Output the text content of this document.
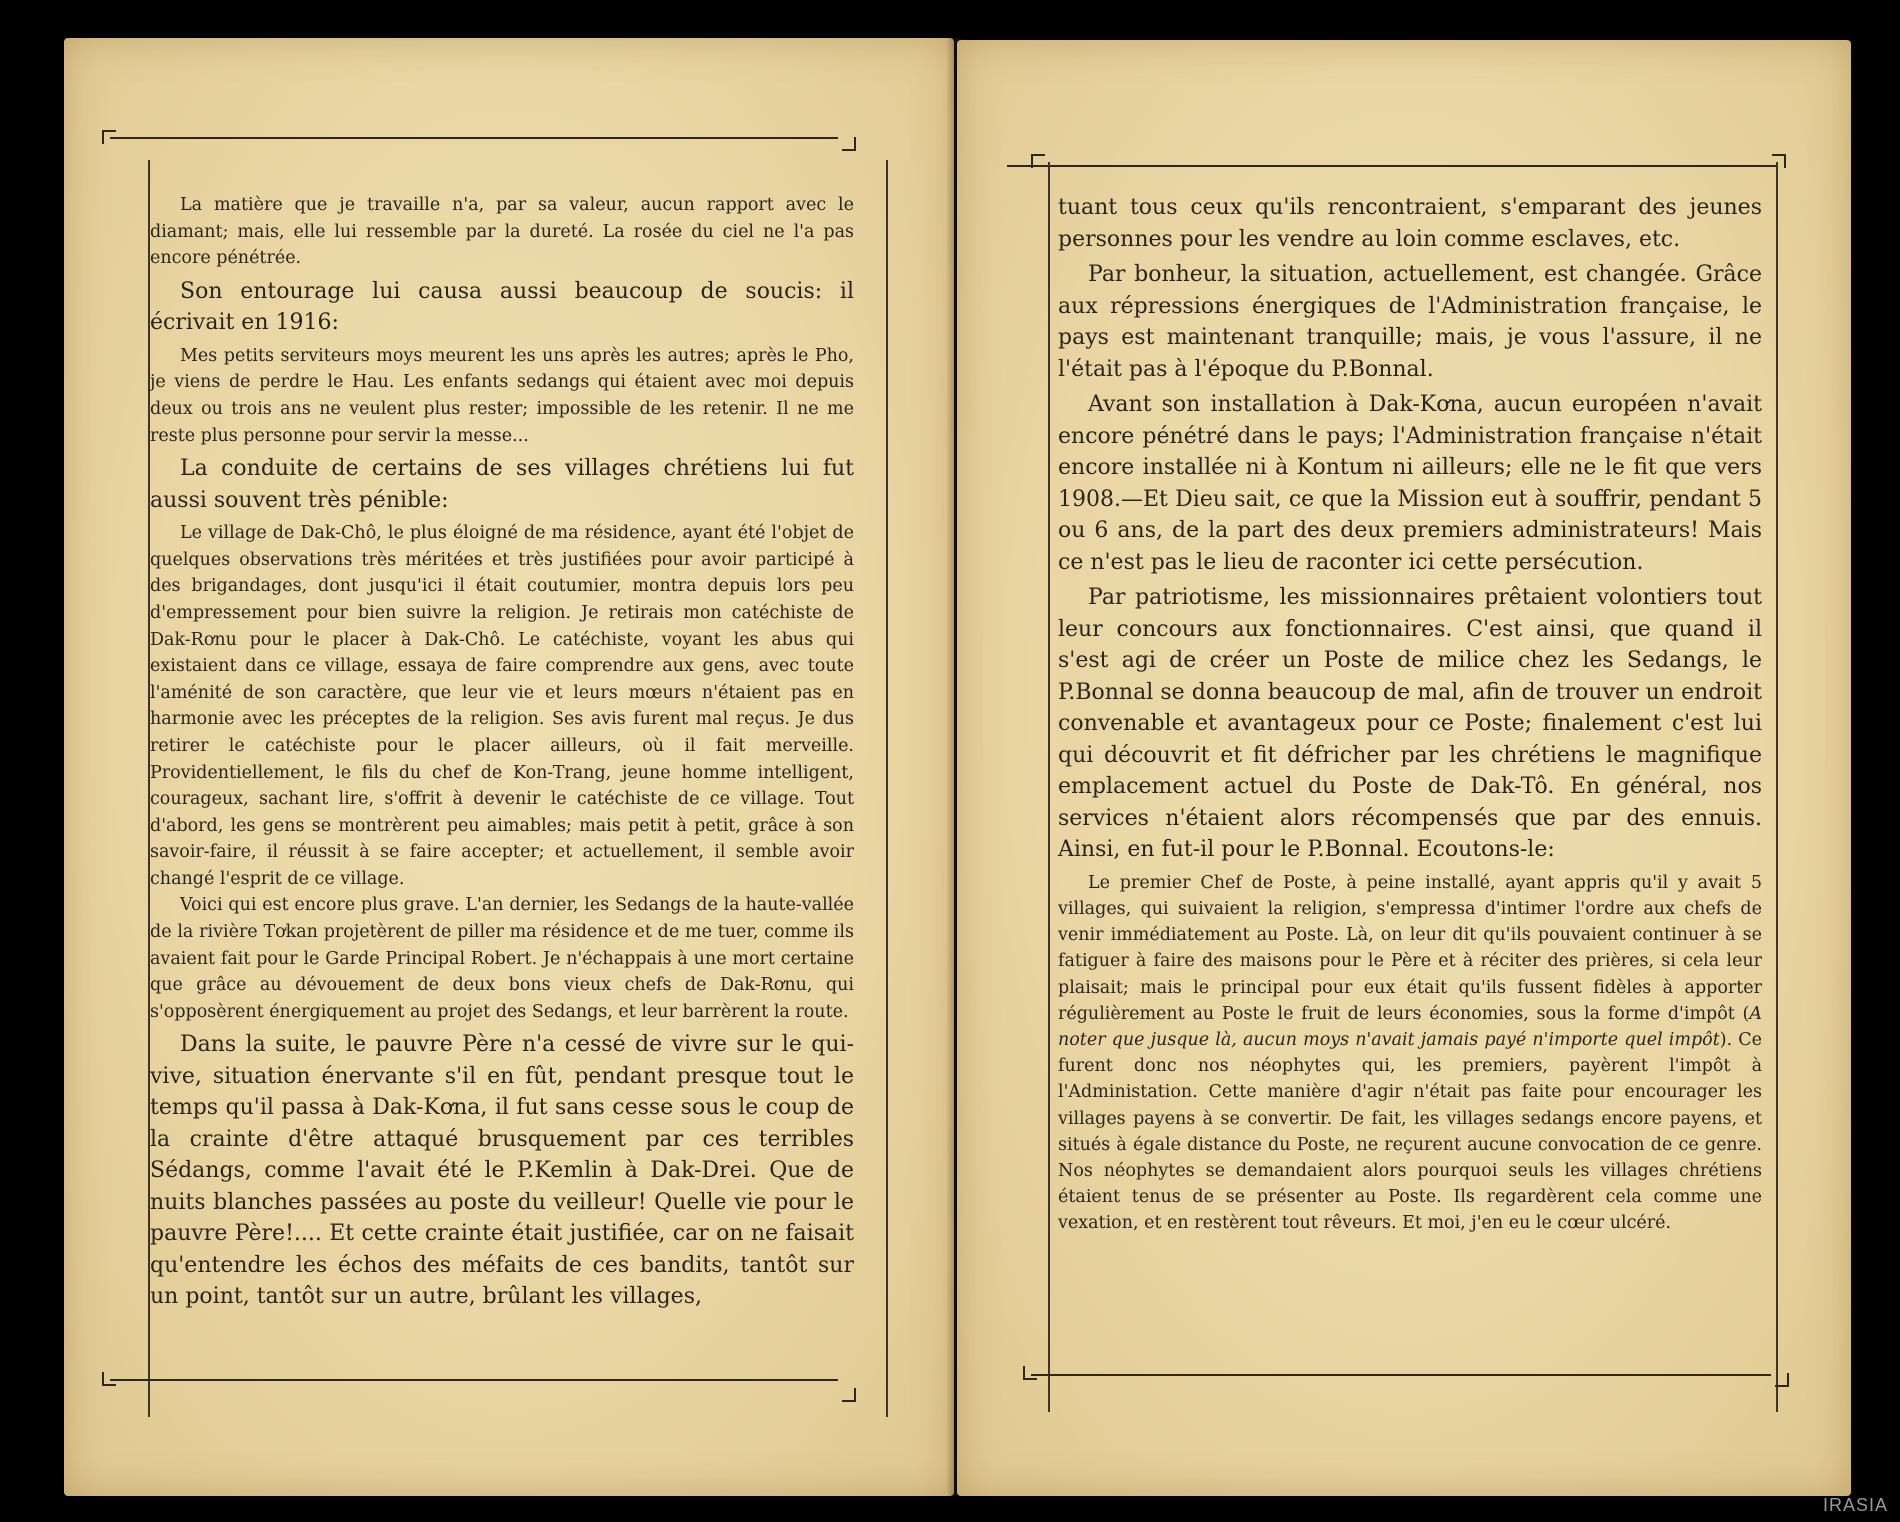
La matière que je travaille n'a, par sa valeur, aucun rapport avec le diamant; mais, elle lui ressemble par la dureté. La rosée du ciel ne l'a pas encore pénétrée.

Son entourage lui causa aussi beaucoup de soucis: il écrivait en 1916:

Mes petits serviteurs moys meurent les uns après les autres; après le Pho, je viens de perdre le Hau. Les enfants sedangs qui étaient avec moi depuis deux ou trois ans ne veulent plus rester; impossible de les retenir. Il ne me reste plus personne pour servir la messe...

La conduite de certains de ses villages chrétiens lui fut aussi souvent très pénible:

Le village de Dak-Chô, le plus éloigné de ma résidence, ayant été l'objet de quelques observations très méritées et très justifiées pour avoir participé à des brigandages, dont jusqu'ici il était coutumier, montra depuis lors peu d'empressement pour bien suivre la religion. Je retirais mon catéchiste de Dak-Rơnu pour le placer à Dak-Chô. Le catéchiste, voyant les abus qui existaient dans ce village, essaya de faire comprendre aux gens, avec toute l'aménité de son caractère, que leur vie et leurs mœurs n'étaient pas en harmonie avec les préceptes de la religion. Ses avis furent mal reçus. Je dus retirer le catéchiste pour le placer ailleurs, où il fait merveille. Providentiellement, le fils du chef de Kon-Trang, jeune homme intelligent, courageux, sachant lire, s'offrit à devenir le catéchiste de ce village. Tout d'abord, les gens se montrèrent peu aimables; mais petit à petit, grâce à son savoir-faire, il réussit à se faire accepter; et actuellement, il semble avoir changé l'esprit de ce village.

Voici qui est encore plus grave. L'an dernier, les Sedangs de la haute-vallée de la rivière Tơkan projetèrent de piller ma résidence et de me tuer, comme ils avaient fait pour le Garde Principal Robert. Je n'échappais à une mort certaine que grâce au dévouement de deux bons vieux chefs de Dak-Rơnu, qui s'opposèrent énergiquement au projet des Sedangs, et leur barrèrent la route.

Dans la suite, le pauvre Père n'a cessé de vivre sur le qui-vive, situation énervante s'il en fût, pendant presque tout le temps qu'il passa à Dak-Kơna, il fut sans cesse sous le coup de la crainte d'être attaqué brusquement par ces terribles Sédangs, comme l'avait été le P.Kemlin à Dak-Drei. Que de nuits blanches passées au poste du veilleur! Quelle vie pour le pauvre Père!.... Et cette crainte était justifiée, car on ne faisait qu'entendre les échos des méfaits de ces bandits, tantôt sur un point, tantôt sur un autre, brûlant les villages,

tuant tous ceux qu'ils rencontraient, s'emparant des jeunes personnes pour les vendre au loin comme esclaves, etc.

Par bonheur, la situation, actuellement, est changée. Grâce aux répressions énergiques de l'Administration française, le pays est maintenant tranquille; mais, je vous l'assure, il ne l'était pas à l'époque du P.Bonnal.

Avant son installation à Dak-Kơna, aucun européen n'avait encore pénétré dans le pays; l'Administration française n'était encore installée ni à Kontum ni ailleurs; elle ne le fit que vers 1908.—Et Dieu sait, ce que la Mission eut à souffrir, pendant 5 ou 6 ans, de la part des deux premiers administrateurs! Mais ce n'est pas le lieu de raconter ici cette persécution.

Par patriotisme, les missionnaires prêtaient volontiers tout leur concours aux fonctionnaires. C'est ainsi, que quand il s'est agi de créer un Poste de milice chez les Sedangs, le P.Bonnal se donna beaucoup de mal, afin de trouver un endroit convenable et avantageux pour ce Poste; finalement c'est lui qui découvrit et fit défricher par les chrétiens le magnifique emplacement actuel du Poste de Dak-Tô. En général, nos services n'étaient alors récompensés que par des ennuis. Ainsi, en fut-il pour le P.Bonnal. Ecoutons-le:

Le premier Chef de Poste, à peine installé, ayant appris qu'il y avait 5 villages, qui suivaient la religion, s'empressa d'intimer l'ordre aux chefs de venir immédiatement au Poste. Là, on leur dit qu'ils pouvaient continuer à se fatiguer à faire des maisons pour le Père et à réciter des prières, si cela leur plaisait; mais le principal pour eux était qu'ils fussent fidèles à apporter régulièrement au Poste le fruit de leurs économies, sous la forme d'impôt (A noter que jusque là, aucun moys n'avait jamais payé n'importe quel impôt). Ce furent donc nos néophytes qui, les premiers, payèrent l'impôt à l'Administation. Cette manière d'agir n'était pas faite pour encourager les villages payens à se convertir. De fait, les villages sedangs encore payens, et situés à égale distance du Poste, ne reçurent aucune convocation de ce genre. Nos néophytes se demandaient alors pourquoi seuls les villages chrétiens étaient tenus de se présenter au Poste. Ils regardèrent cela comme une vexation, et en restèrent tout rêveurs. Et moi, j'en eu le cœur ulcéré.

IRASIA
